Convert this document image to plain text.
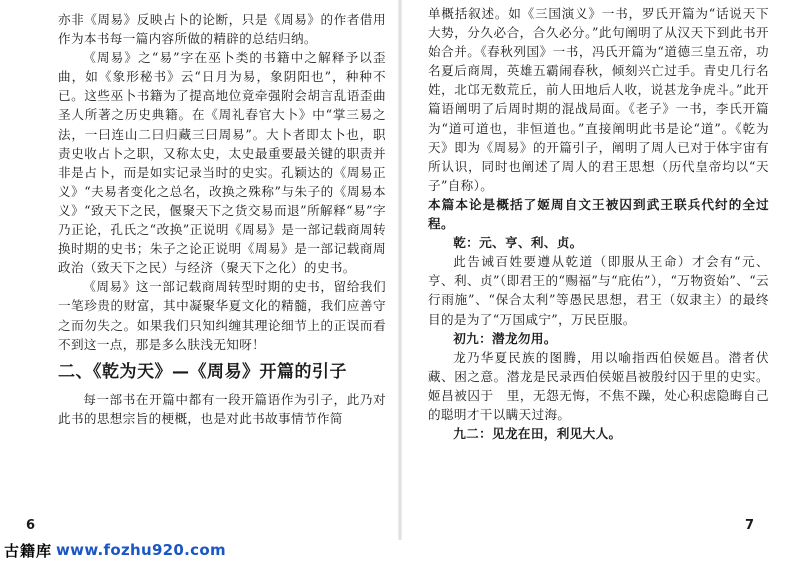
亦非《周易》反映占卜的论断，只是《周易》的作者借用作为本书每一篇内容所做的精辟的总结归纳。

《周易》之“易”字在巫卜类的书籍中之解释予以歪曲，如《象形秘书》云“日月为易，象阴阳也”，种种不已。这些巫卜书籍为了提高地位竟牵强附会胡言乱语歪曲圣人所著之历史典籍。在《周礼春官大卜》中“掌三易之法，一曰连山二曰归藏三曰周易”。大卜者即太卜也，职责史收占卜之职，又称太史，太史最重要最关键的职责并非是占卜，而是如实记录当时的史实。孔颖达的《周易正义》“夫易者变化之总名，改换之殊称”与朱子的《周易本义》“致天下之民，偃聚天下之货交易而退”所解释“易”字乃正论，孔氏之“改换”正说明《周易》是一部记载商周转换时期的史书；朱子之论正说明《周易》是一部记载商周政治（致天下之民）与经济（聚天下之化）的史书。

《周易》这一部记载商周转型时期的史书，留给我们一笔珍贵的财富，其中凝聚华夏文化的精髓，我们应善守之而勿失之。如果我们只知纠缠其理论细节上的正误而看不到这一点，那是多么肤浅无知呀！

二、《乾为天》—《周易》开篇的引子

每一部书在开篇中都有一段开篇语作为引子，此乃对此书的思想宗旨的梗概，也是对此书故事情节作简

单概括叙述。如《三国演义》一书，罗氏开篇为“话说天下大势，分久必合，合久必分。”此句阐明了从汉天下到此书开始合并。《春秋列国》一书，冯氏开篇为“道德三皇五帝，功名夏后商周，英雄五霸闹春秋，倾刻兴亡过手。青史几行名姓，北邙无数荒丘，前人田地后人收，说甚龙争虎斗。”此开篇语阐明了后周时期的混战局面。《老子》一书，李氏开篇为“道可道也，非恒道也。”直接阐明此书是论“道”。《乾为天》即为《周易》的开篇引子，阐明了周人已对于体宇宙有所认识，同时也阐述了周人的君王思想（历代皇帝均以“天子”自称）。

本篇本论是概括了姬周自文王被囚到武王联兵代纣的全过程。

乾：元、亨、利、贞。

此告诫百姓要遵从乾道（即服从王命）才会有“元、亨、利、贞”（即君王的“赐福”与“庇佑”），“万物资始”、“云行雨施”、“保合太利”等愚民思想，君王（奴隶主）的最终目的是为了“万国咸宁”，万民臣服。

初九：潜龙勿用。

龙乃华夏民族的图腾，用以喻指西伯侯姬昌。潜者伏藏、困之意。潜龙是民录西伯侯姬昌被殷纣囚于里的史实。姬昌被囚于　里，无怨无悔，不焦不躁，处心积虑隐晦自己的聪明才干以瞒天过海。

九二：见龙在田，利见大人。

6	7
古籍库 www.fozhu920.com
